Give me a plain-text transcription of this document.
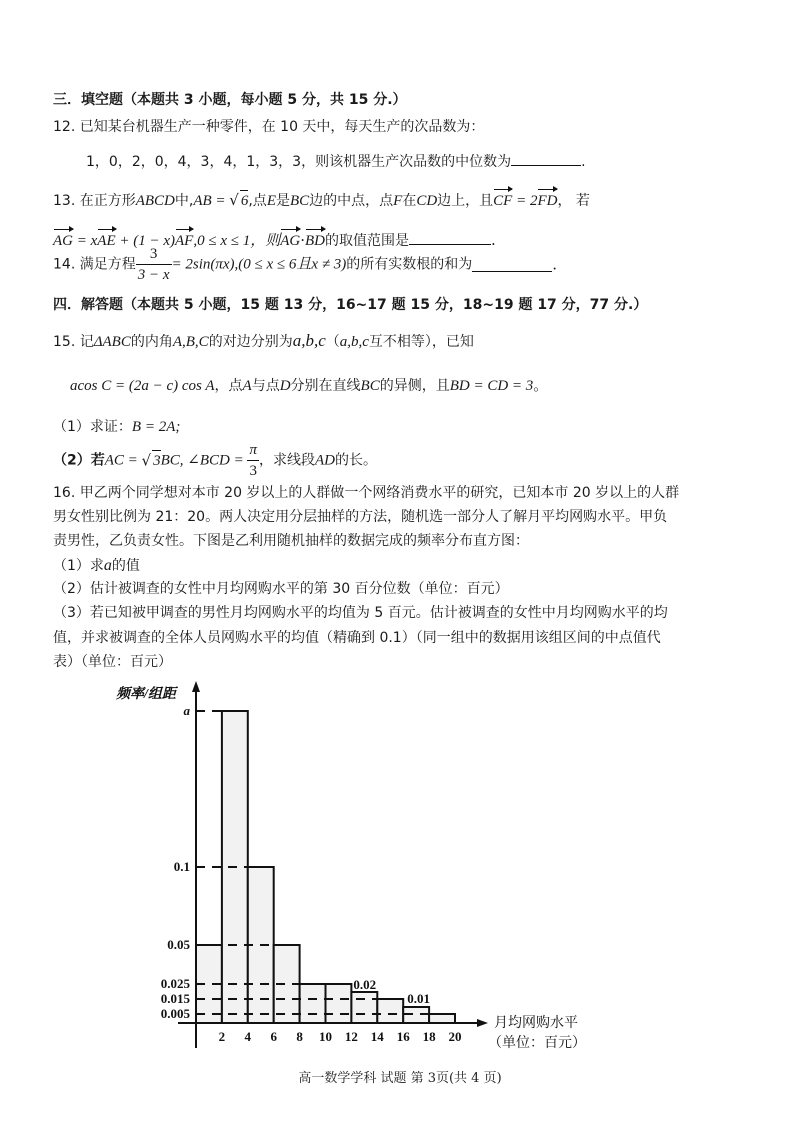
三．填空题（本题共 3 小题，每小题 5 分，共 15 分.）
12. 已知某台机器生产一种零件，在 10 天中，每天生产的次品数为：
1，0，2，0，4，3，4，1，3，3，则该机器生产次品数的中位数为	.
13. 在正方形ABCD中,AB = √ 6,点E是BC边的中点，点F在CD边上，且CF = 2FD， 若
AG = xAE + (1 − x)AF,0 ≤ x ≤ 1，则AG·BD的取值范围是	.
14. 满足方程 $\frac{3}{3 - x} = 2\sin(\pi x),(0 \le x \le 6$且x ≠ 3)的所有实数根的和为	.
四．解答题（本题共 5 小题，15 题 13 分，16~17 题 15 分，18~19 题 17 分，77 分.）
15. 记ΔABC的内角A,B,C的对边分别为a,b,c（a,b,c互不相等），已知
acos C = (2a − c) cos A，点A与点D分别在直线BC的异侧，且BD = CD = 3。
（1）求证：B = 2A;
（2）若AC = √ 3BC, ∠BCD = $\frac{\pi}{3}$ ，求线段AD的长。
16. 甲乙两个同学想对本市 20 岁以上的人群做一个网络消费水平的研究，已知本市 20 岁以上的人群
男女性别比例为 21：20。两人决定用分层抽样的方法，随机选一部分人了解月平均网购水平。甲负
责男性，乙负责女性。下图是乙利用随机抽样的数据完成的频率分布直方图：
（1）求a的值
（2）估计被调查的女性中月均网购水平的第 30 百分位数（单位：百元）
（3）若已知被甲调查的男性月均网购水平的均值为 5 百元。估计被调查的女性中月均网购水平的均
值，并求被调查的全体人员网购水平的均值（精确到 0.1）（同一组中的数据用该组区间的中点值代
表）（单位：百元）
频率/组距
a
0.1
0.05
0.025
0.015
0.005
2 4 6 8 10 12 14 16 18 20
0.02
0.01
月均网购水平
（单位：百元）
高一数学学科 试题 第 3页(共 4 页)
